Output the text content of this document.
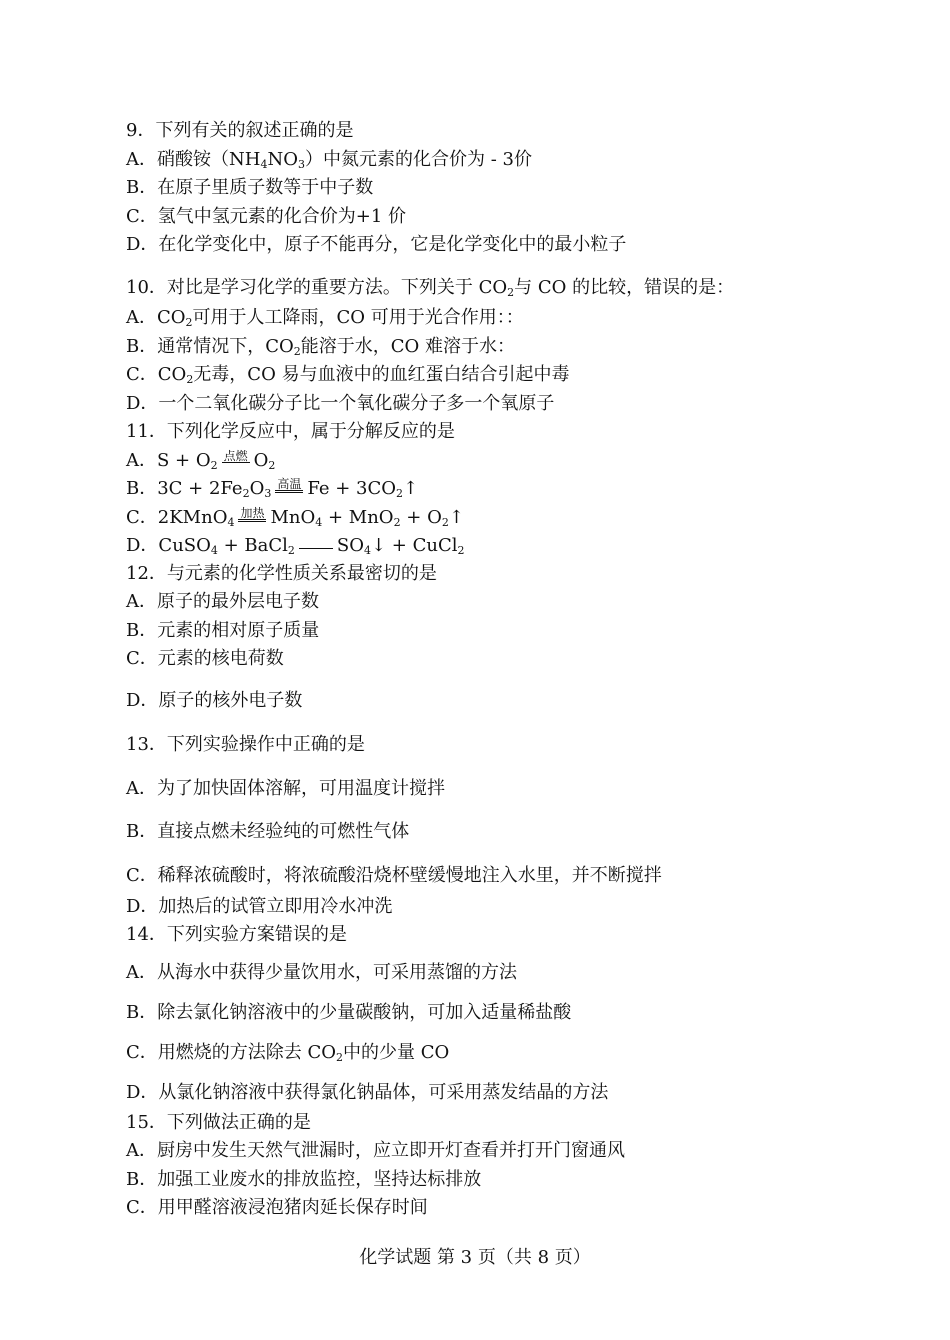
9．下列有关的叙述正确的是
A．硝酸铵$(NH_4NO_3)$中氮元素的化合价为 - 3价
B．在原子里质子数等于中子数
C．氢气中氢元素的化合价为+1 价
D．在化学变化中，原子不能再分，它是化学变化中的最小粒子
10．对比是学习化学的重要方法。下列关于 $CO_2$与 CO 的比较，错误的是：
A．$CO_2$可用于人工降雨，CO 可用于光合作用：：
B．通常情况下，$CO_2$能溶于水，CO 难溶于水：
C．$CO_2$无毒，CO 易与血液中的血红蛋白结合引起中毒
D．一个二氧化碳分子比一个氧化碳分子多一个氧原子
11．下列化学反应中，属于分解反应的是
A．$S + O_2$点燃 $O_2$
B．$3C + 2Fe_2O_3$高温 $Fe + 3CO_2↑$
C．2KMnO$_4$加热 $MnO_4 + MnO_2 + O_2↑$
D．CuSO$_4$ + BaCl$_2$ $SO_4↓$ + CuCl$_2$
12．与元素的化学性质关系最密切的是
A．原子的最外层电子数
B．元素的相对原子质量
C．元素的核电荷数
D．原子的核外电子数
13．下列实验操作中正确的是
A．为了加快固体溶解，可用温度计搅拌
B．直接点燃未经验纯的可燃性气体
C．稀释浓硫酸时，将浓硫酸沿烧杯壁缓慢地注入水里，并不断搅拌
D．加热后的试管立即用冷水冲洗
14．下列实验方案错误的是
A．从海水中获得少量饮用水，可采用蒸馏的方法
B．除去氯化钠溶液中的少量碳酸钠，可加入适量稀盐酸
C．用燃烧的方法除去 $CO_2$中的少量 CO
D．从氯化钠溶液中获得氯化钠晶体，可采用蒸发结晶的方法
15．下列做法正确的是
A．厨房中发生天然气泄漏时，应立即开灯查看并打开门窗通风
B．加强工业废水的排放监控，坚持达标排放
C．用甲醛溶液浸泡猪肉延长保存时间
化学试题 第 3 页（共 8 页）
